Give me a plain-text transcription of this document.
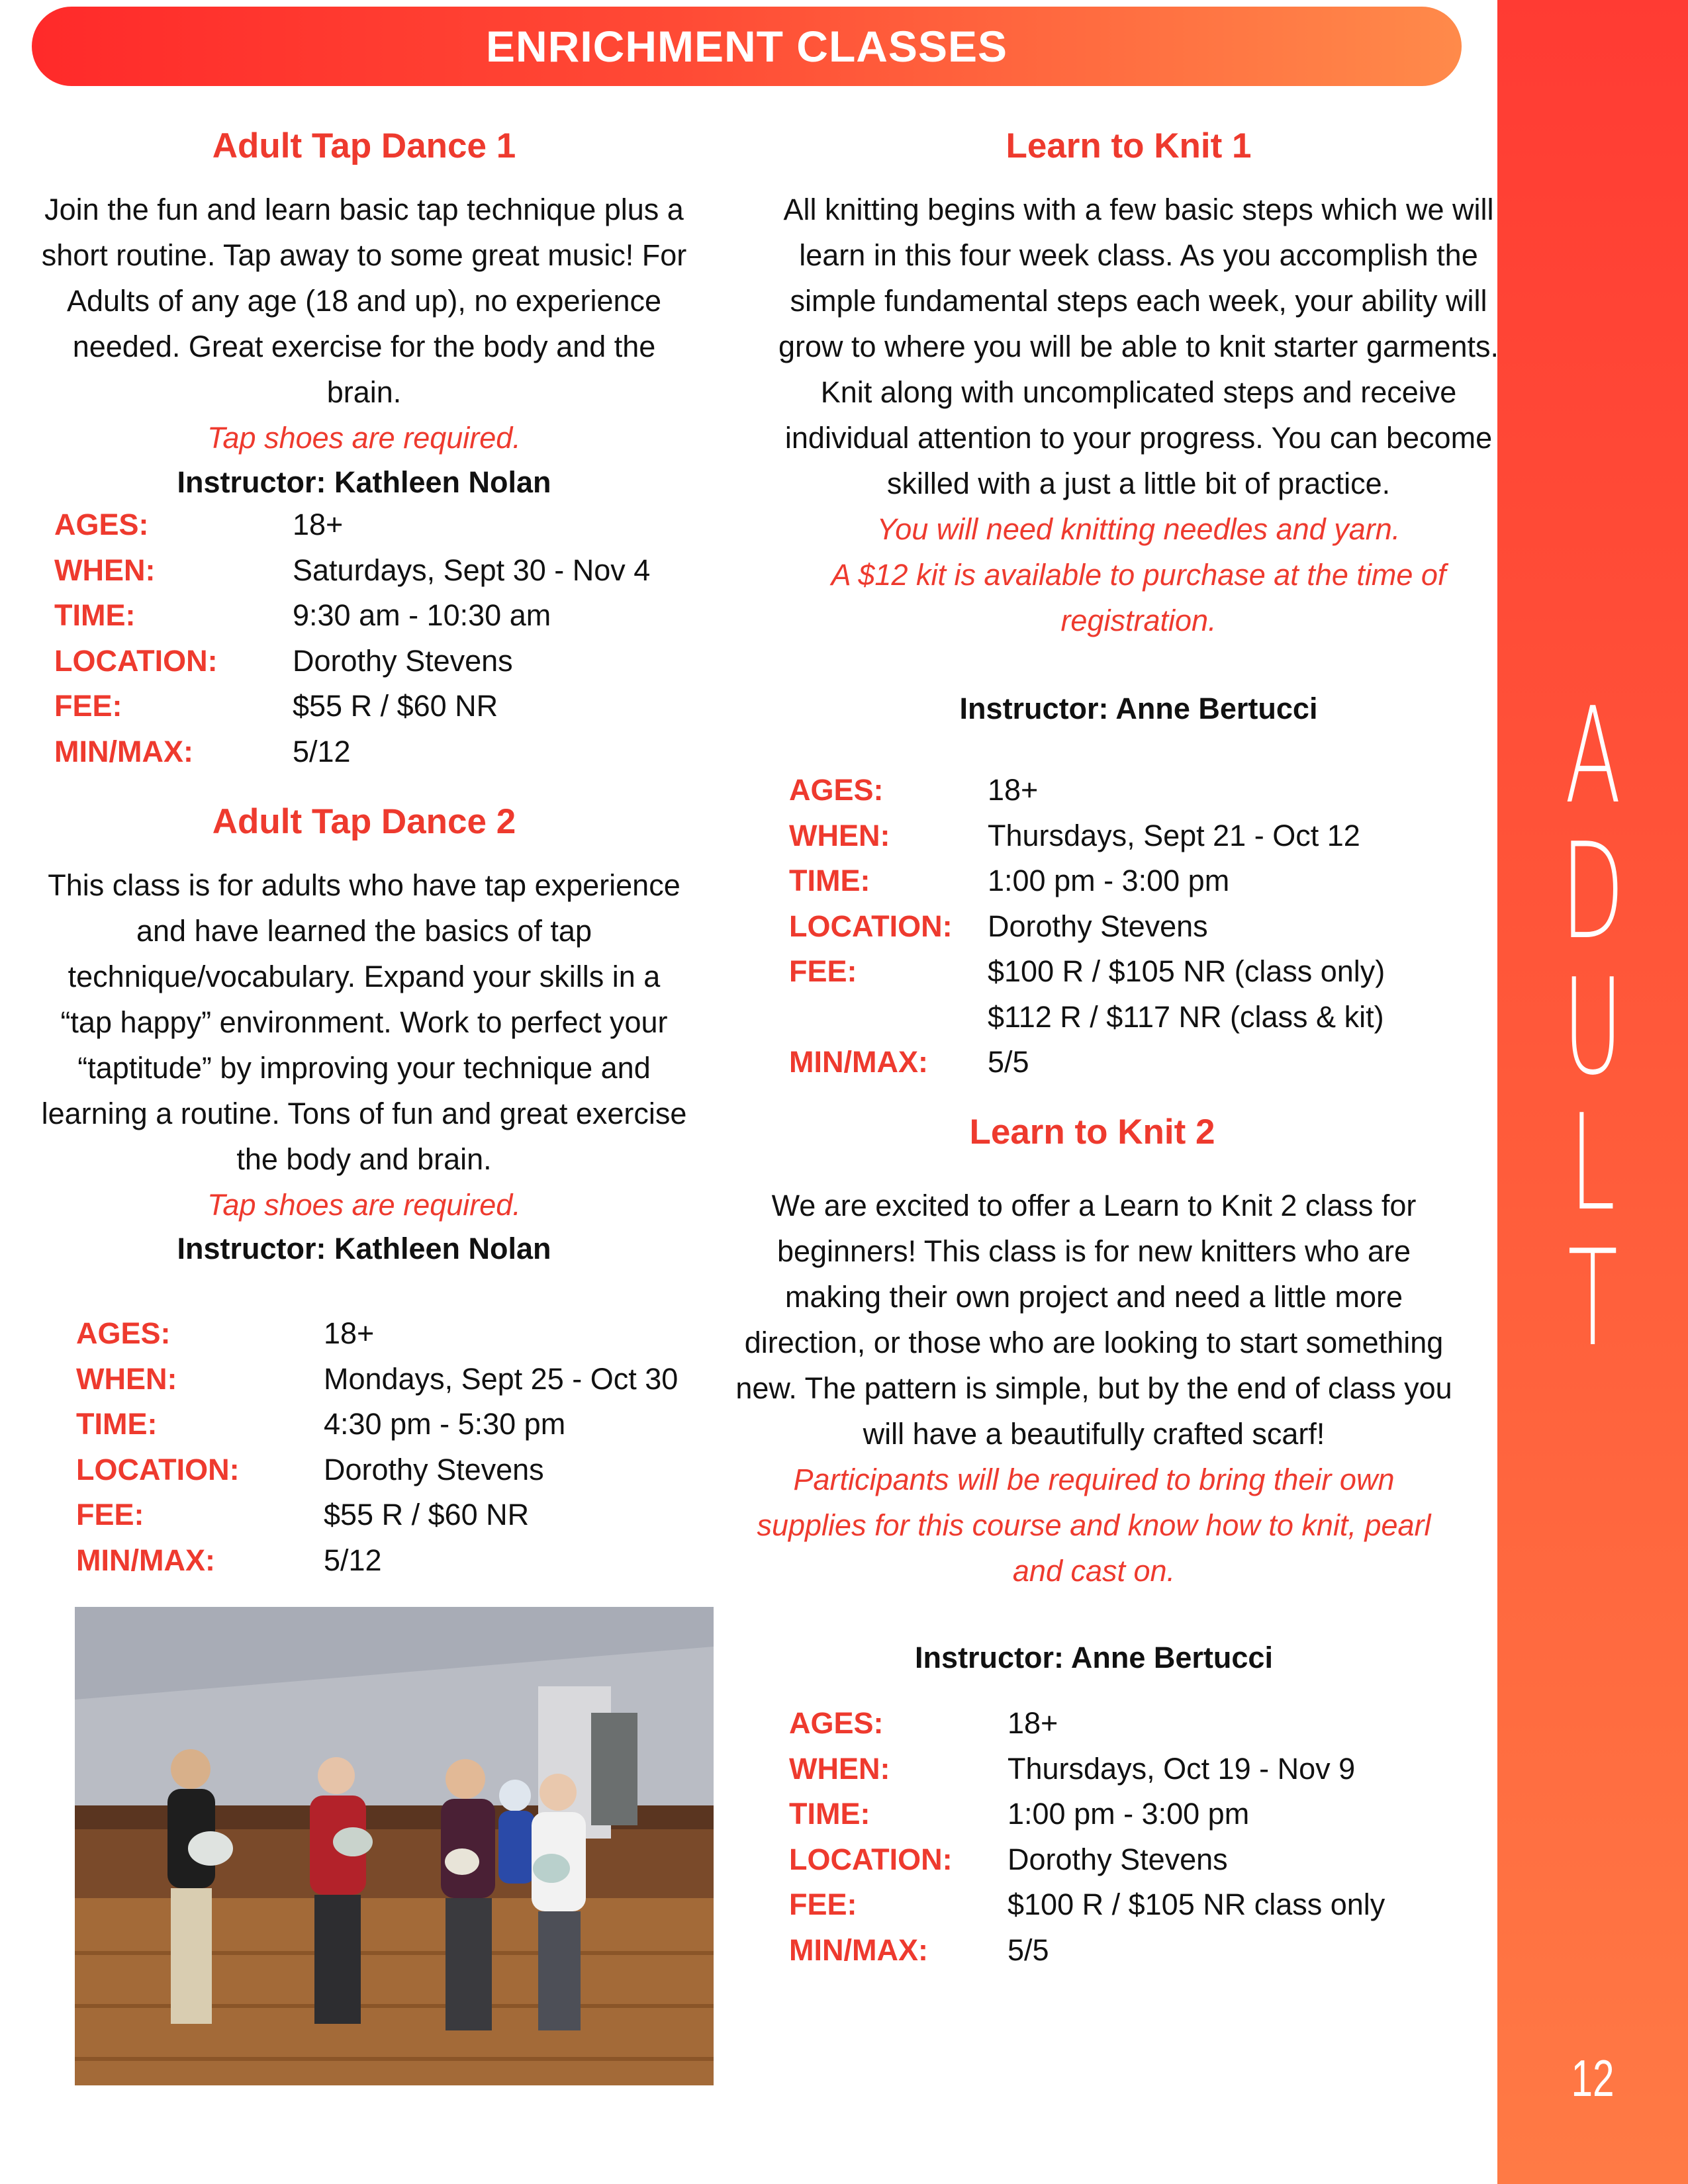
ENRICHMENT CLASSES
A
D
U
L
T
12
Adult Tap Dance 1

Join the fun and learn basic tap technique plus a short routine. Tap away to some great music! For Adults of any age (18 and up), no experience needed. Great exercise for the body and the brain.
Tap shoes are required.

Instructor: Kathleen Nolan

AGES:	18+
WHEN:	Saturdays, Sept 30 - Nov 4
TIME:	9:30 am - 10:30 am
LOCATION:	Dorothy Stevens
FEE:	$55 R / $60 NR
MIN/MAX:	5/12
Adult Tap Dance 2

This class is for adults who have tap experience and have learned the basics of tap technique/vocabulary. Expand your skills in a “tap happy” environment. Work to perfect your “taptitude” by improving your technique and learning a routine. Tons of fun and great exercise the body and brain.
Tap shoes are required.

Instructor: Kathleen Nolan

AGES:	18+
WHEN:	Mondays, Sept 25 - Oct 30
TIME:	4:30 pm - 5:30 pm
LOCATION:	Dorothy Stevens
FEE:	$55 R / $60 NR
MIN/MAX:	5/12
Learn to Knit 1

All knitting begins with a few basic steps which we will learn in this four week class. As you accomplish the simple fundamental steps each week, your ability will grow to where you will be able to knit starter garments. Knit along with uncomplicated steps and receive individual attention to your progress. You can become skilled with a just a little bit of practice.
You will need knitting needles and yarn.
A $12 kit is available to purchase at the time of registration.

Instructor: Anne Bertucci

AGES:	18+
WHEN:	Thursdays, Sept 21 - Oct 12
TIME:	1:00 pm - 3:00 pm
LOCATION:	Dorothy Stevens
FEE:	$100 R / $105 NR (class only)
	$112 R / $117 NR (class & kit)
MIN/MAX:	5/5
Learn to Knit 2

We are excited to offer a Learn to Knit 2 class for beginners! This class is for new knitters who are making their own project and need a little more direction, or those who are looking to start something new. The pattern is simple, but by the end of class you will have a beautifully crafted scarf!
Participants will be required to bring their own supplies for this course and know how to knit, pearl and cast on.

Instructor: Anne Bertucci

AGES:	18+
WHEN:	Thursdays, Oct 19 - Nov 9
TIME:	1:00 pm - 3:00 pm
LOCATION:	Dorothy Stevens
FEE:	$100 R / $105 NR class only
MIN/MAX:	5/5
